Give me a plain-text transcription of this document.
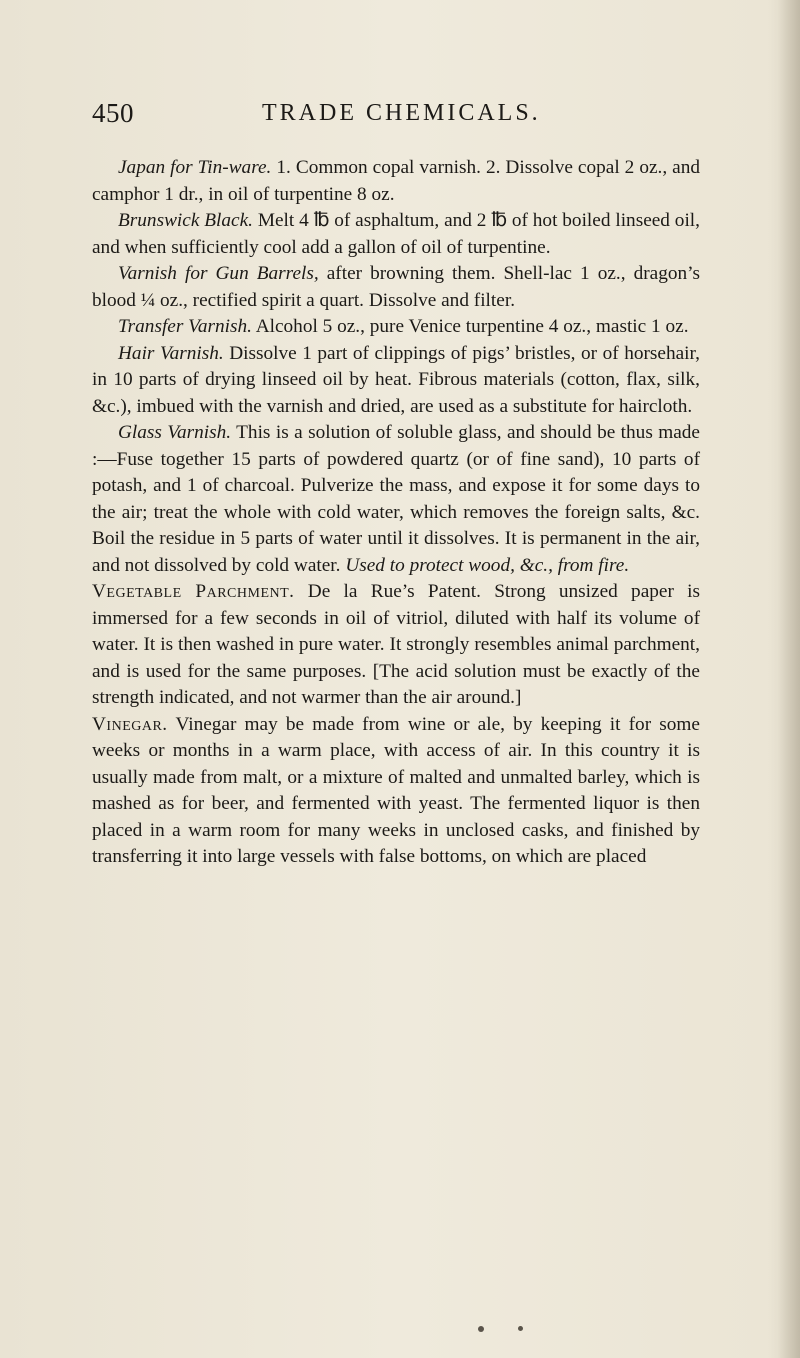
450	TRADE CHEMICALS.

Japan for Tin-ware. 1. Common copal varnish. 2. Dissolve copal 2 oz., and camphor 1 dr., in oil of turpentine 8 oz.

Brunswick Black. Melt 4 ℔ of asphaltum, and 2 ℔ of hot boiled linseed oil, and when sufficiently cool add a gallon of oil of turpentine.

Varnish for Gun Barrels, after browning them. Shell-lac 1 oz., dragon’s blood ¼ oz., rectified spirit a quart. Dissolve and filter.

Transfer Varnish. Alcohol 5 oz., pure Venice turpentine 4 oz., mastic 1 oz.

Hair Varnish. Dissolve 1 part of clippings of pigs’ bristles, or of horsehair, in 10 parts of drying linseed oil by heat. Fibrous materials (cotton, flax, silk, &c.), imbued with the varnish and dried, are used as a substitute for haircloth.

Glass Varnish. This is a solution of soluble glass, and should be thus made :—Fuse together 15 parts of powdered quartz (or of fine sand), 10 parts of potash, and 1 of charcoal. Pulverize the mass, and expose it for some days to the air; treat the whole with cold water, which removes the foreign salts, &c. Boil the residue in 5 parts of water until it dissolves. It is permanent in the air, and not dissolved by cold water. Used to protect wood, &c., from fire.

Vegetable Parchment. De la Rue’s Patent. Strong unsized paper is immersed for a few seconds in oil of vitriol, diluted with half its volume of water. It is then washed in pure water. It strongly resembles animal parchment, and is used for the same purposes. [The acid solution must be exactly of the strength indicated, and not warmer than the air around.]

Vinegar. Vinegar may be made from wine or ale, by keeping it for some weeks or months in a warm place, with access of air. In this country it is usually made from malt, or a mixture of malted and unmalted barley, which is mashed as for beer, and fermented with yeast. The fermented liquor is then placed in a warm room for many weeks in unclosed casks, and finished by transferring it into large vessels with false bottoms, on which are placed
